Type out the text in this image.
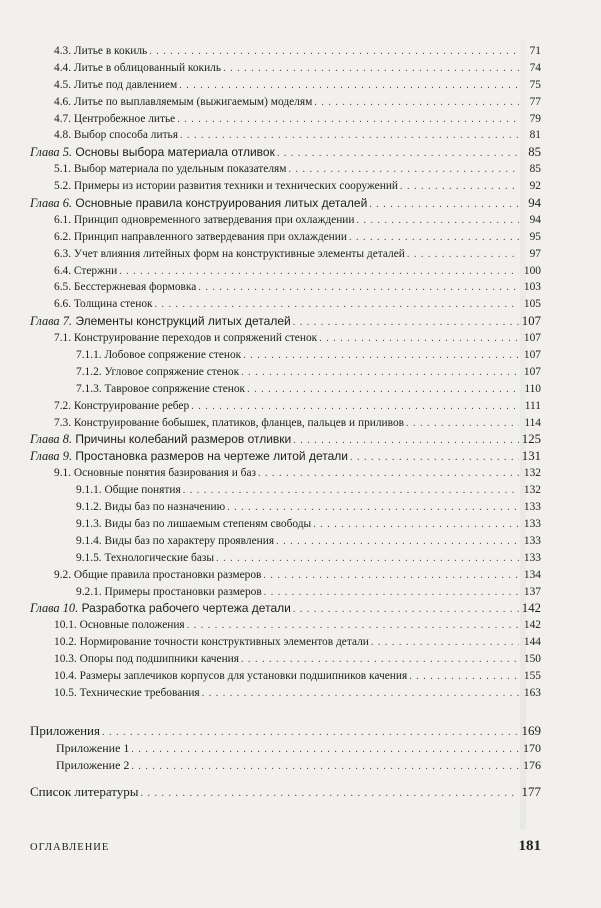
4.3. Литье в кокиль . . .	71
4.4. Литье в облицованный кокиль . . .	74
4.5. Литье под давлением . . .	75
4.6. Литье по выплавляемым (выжигаемым) моделям . . .	77
4.7. Центробежное литье . . .	79
4.8. Выбор способа литья . . .	81
Глава 5. Основы выбора материала отливок . . .	85
5.1. Выбор материала по удельным показателям . . .	85
5.2. Примеры из истории развития техники и технических сооружений . . .	92
Глава 6. Основные правила конструирования литых деталей . . .	94
6.1. Принцип одновременного затвердевания при охлаждении . . .	94
6.2. Принцип направленного затвердевания при охлаждении . . .	95
6.3. Учет влияния литейных форм на конструктивные элементы деталей . . .	97
6.4. Стержни . . .	100
6.5. Бесстержневая формовка . . .	103
6.6. Толщина стенок . . .	105
Глава 7. Элементы конструкций литых деталей . . .	107
7.1. Конструирование переходов и сопряжений стенок . . .	107
7.1.1. Лобовое сопряжение стенок . . .	107
7.1.2. Угловое сопряжение стенок . . .	107
7.1.3. Тавровое сопряжение стенок . . .	110
7.2. Конструирование ребер . . .	111
7.3. Конструирование бобышек, платиков, фланцев, пальцев и приливов . . .	114
Глава 8. Причины колебаний размеров отливки . . .	125
Глава 9. Простановка размеров на чертеже литой детали . . .	131
9.1. Основные понятия базирования и баз . . .	132
9.1.1. Общие понятия . . .	132
9.1.2. Виды баз по назначению . . .	133
9.1.3. Виды баз по лишаемым степеням свободы . . .	133
9.1.4. Виды баз по характеру проявления . . .	133
9.1.5. Технологические базы . . .	133
9.2. Общие правила простановки размеров . . .	134
9.2.1. Примеры простановки размеров . . .	137
Глава 10. Разработка рабочего чертежа детали . . .	142
10.1. Основные положения . . .	142
10.2. Нормирование точности конструктивных элементов детали . . .	144
10.3. Опоры под подшипники качения . . .	150
10.4. Размеры заплечиков корпусов для установки подшипников качения . . .	155
10.5. Технические требования . . .	163
Приложения . . .	169
Приложение 1 . . .	170
Приложение 2 . . .	176
Список литературы . . .	177
ОГЛАВЛЕНИЕ	181
